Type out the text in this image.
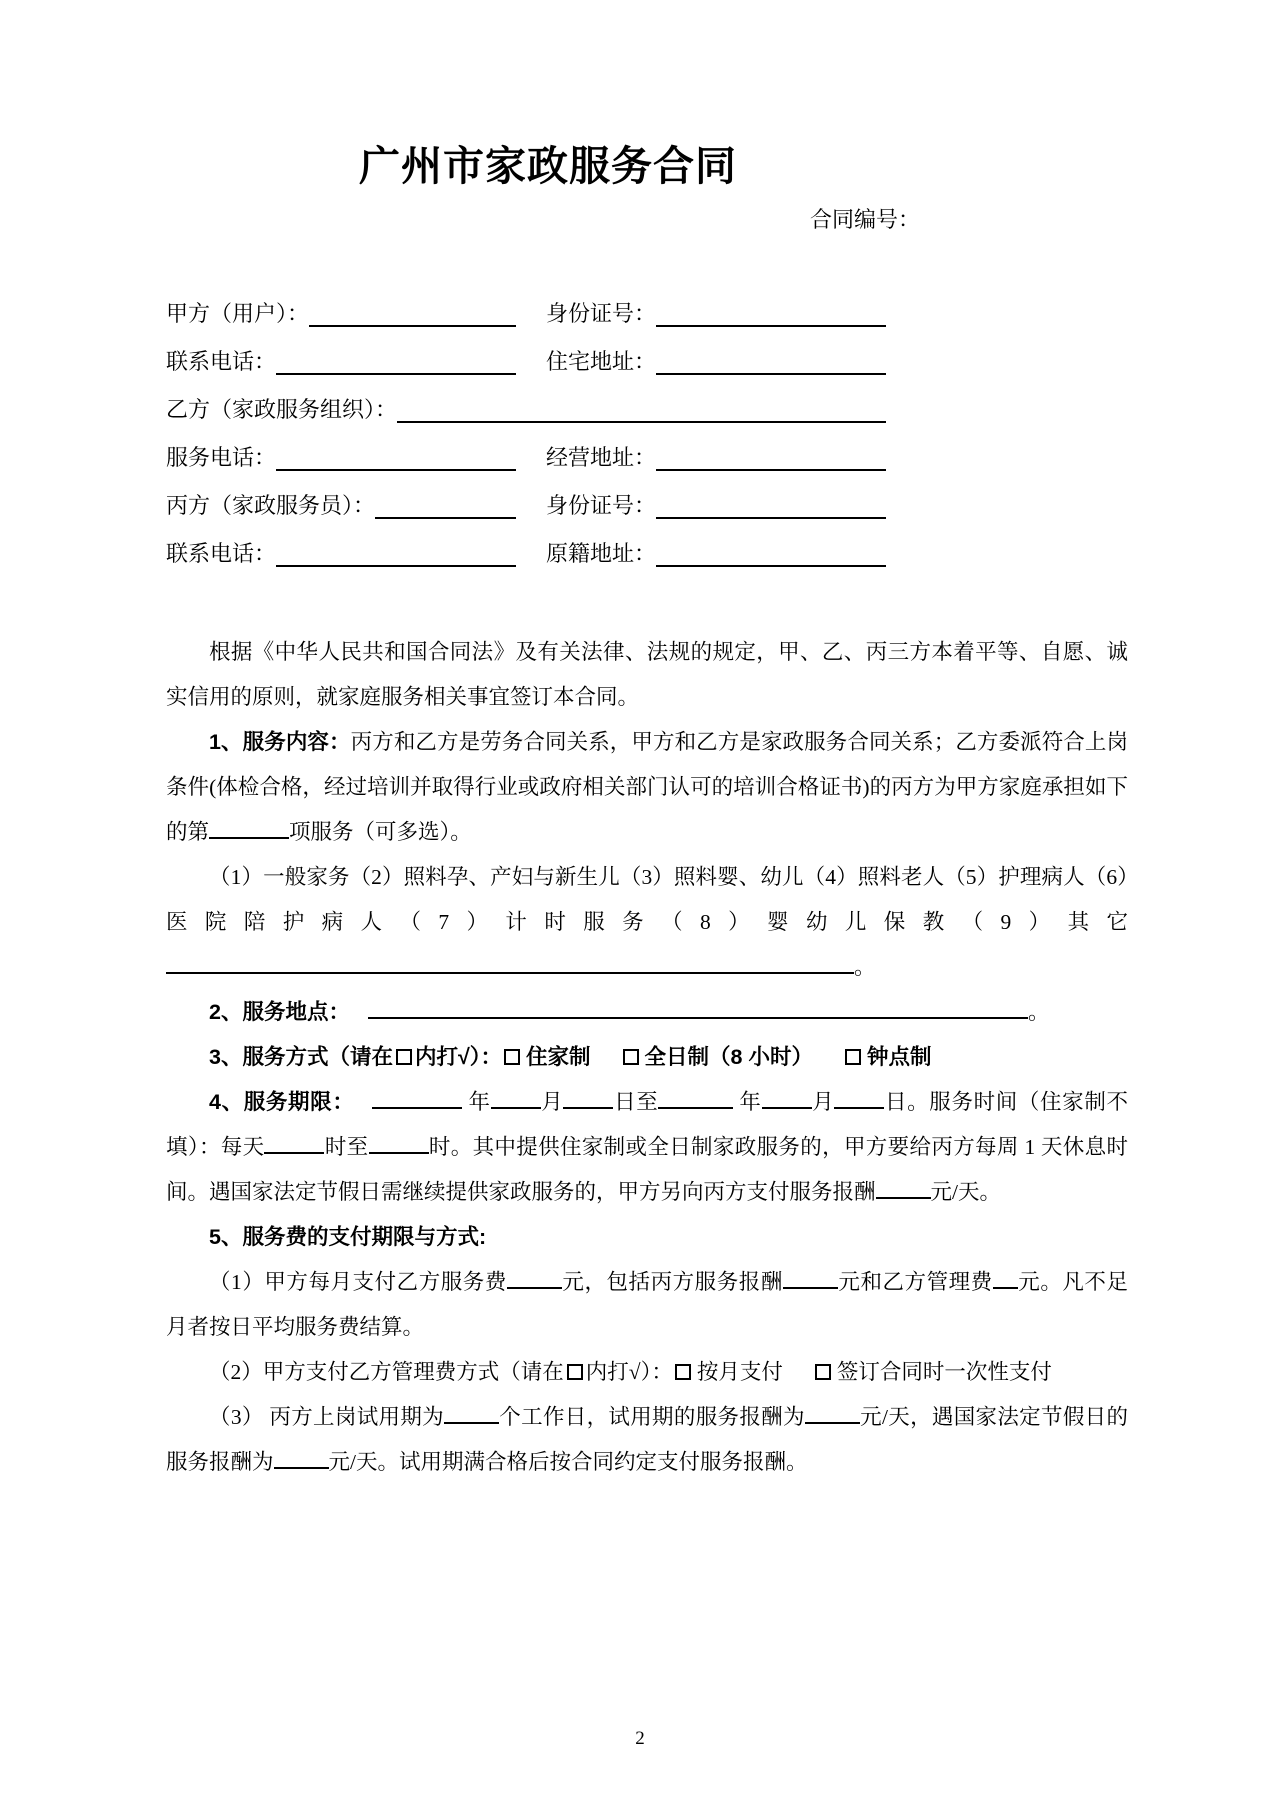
广州市家政服务合同
合同编号：
甲方（用户）：	身份证号：
联系电话：	住宅地址：
乙方（家政服务组织）：
服务电话：	经营地址：
丙方（家政服务员）：	身份证号：
联系电话：	原籍地址：

根据《中华人民共和国合同法》及有关法律、法规的规定，甲、乙、丙三方本着平等、自愿、诚实信用的原则，就家庭服务相关事宜签订本合同。

1、服务内容：丙方和乙方是劳务合同关系，甲方和乙方是家政服务合同关系；乙方委派符合上岗条件(体检合格，经过培训并取得行业或政府相关部门认可的培训合格证书)的丙方为甲方家庭承担如下的第	项服务（可多选）。

（1）一般家务（2）照料孕、产妇与新生儿（3）照料婴、幼儿（4）照料老人（5）护理病人（6）医院陪护病人（7）计时服务（8）婴幼儿保教（9）其它。

2、服务地点：	。

3、服务方式（请在 内打√）： 住家制	全日制（8 小时）	钟点制

4、服务期限：	年 月 日至	年 月 日。服务时间（住家制不填）：每天	时至	时。其中提供住家制或全日制家政服务的，甲方要给丙方每周 1 天休息时间。遇国家法定节假日需继续提供家政服务的，甲方另向丙方支付服务报酬	元/天。

5、服务费的支付期限与方式:

（1）甲方每月支付乙方服务费	元，包括丙方服务报酬	元和乙方管理费 元。凡不足月者按日平均服务费结算。

（2）甲方支付乙方管理费方式（请在 内打√）： 按月支付	签订合同时一次性支付

（3） 丙方上岗试用期为	个工作日，试用期的服务报酬为	元/天，遇国家法定节假日的服务报酬为	元/天。试用期满合格后按合同约定支付服务报酬。

2
